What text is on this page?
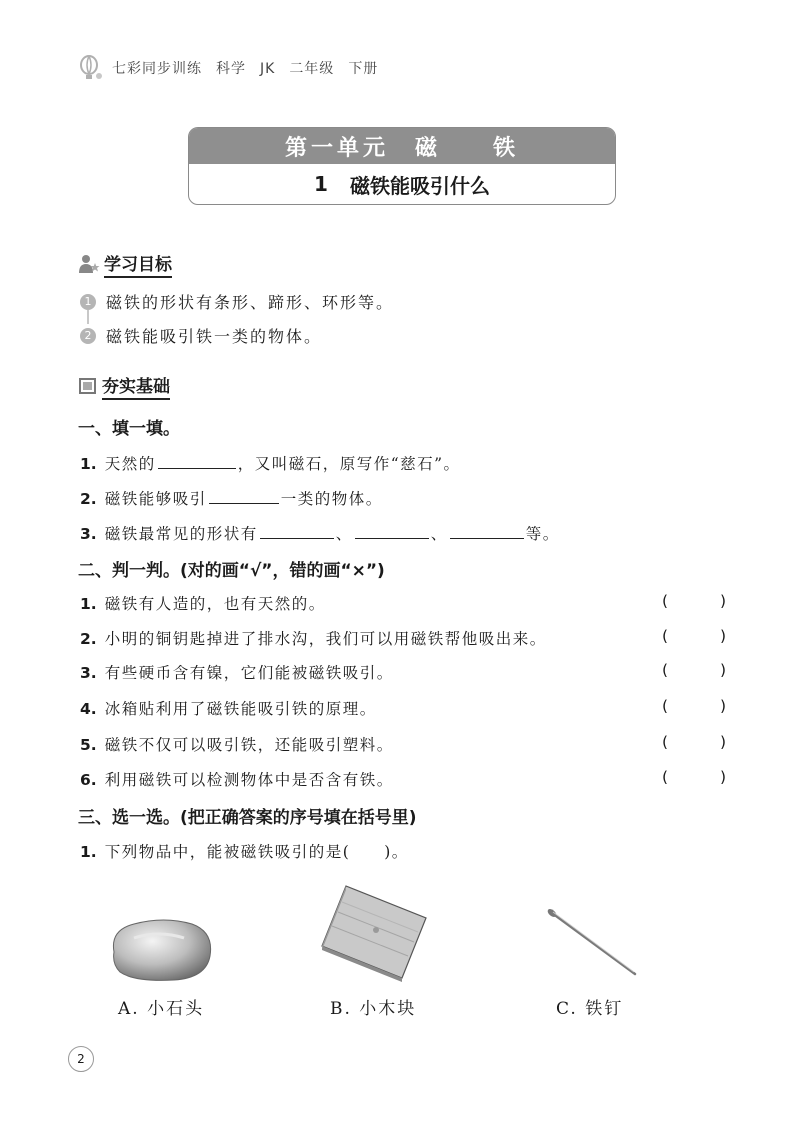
七彩同步训练 科学 JK 二年级 下册
第一单元　磁　　铁
1 磁铁能吸引什么
学习目标
1 磁铁的形状有条形、蹄形、环形等。
2 磁铁能吸引铁一类的物体。
夯实基础
一、填一填。
1. 天然的	，又叫磁石，原写作“慈石”。
2. 磁铁能够吸引	一类的物体。
3. 磁铁最常见的形状有	、	、	等。
二、判一判。(对的画“√”，错的画“×”)
1. 磁铁有人造的，也有天然的。	(	)
2. 小明的铜钥匙掉进了排水沟，我们可以用磁铁帮他吸出来。	(	)
3. 有些硬币含有镍，它们能被磁铁吸引。	(	)
4. 冰箱贴利用了磁铁能吸引铁的原理。	(	)
5. 磁铁不仅可以吸引铁，还能吸引塑料。	(	)
6. 利用磁铁可以检测物体中是否含有铁。	(	)
三、选一选。(把正确答案的序号填在括号里)
1. 下列物品中，能被磁铁吸引的是(　　)。
A. 小石头	B. 小木块	C. 铁钉
2
